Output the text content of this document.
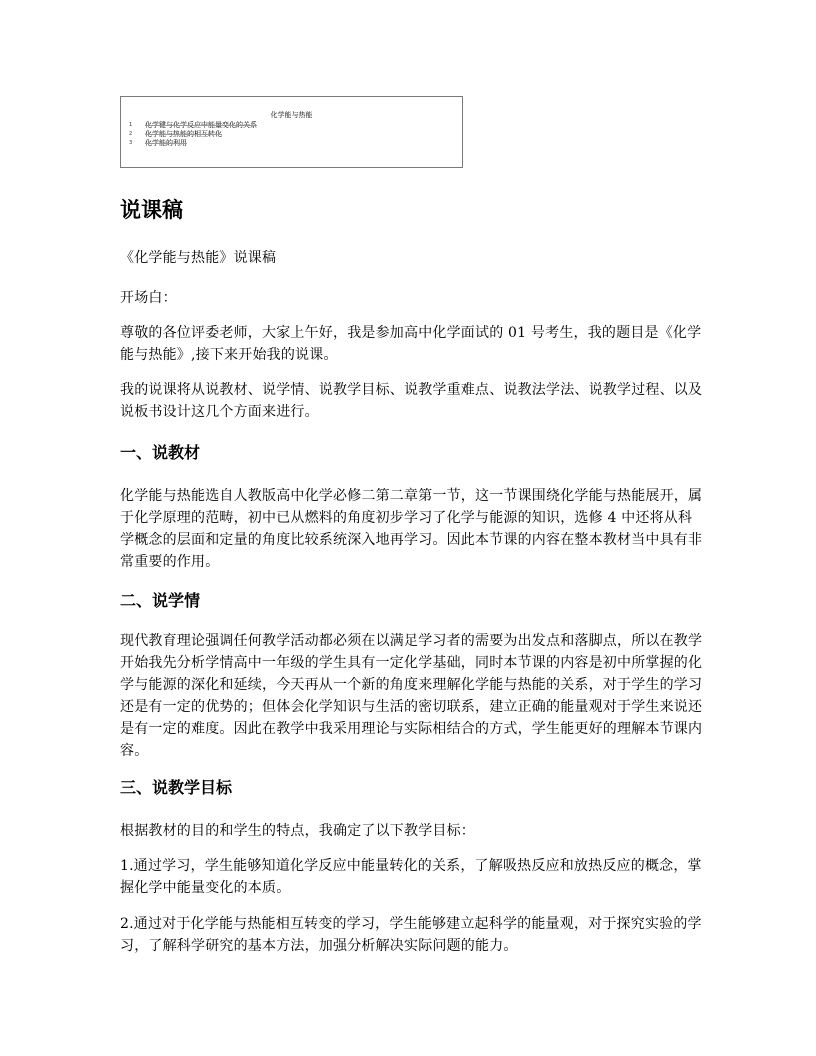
化学能与热能
1	化学键与化学反应中能量变化的关系
2	化学能与热能的相互转化
3	化学能的利用
说课稿

《化学能与热能》说课稿

开场白：

尊敬的各位评委老师，大家上午好，我是参加高中化学面试的 01 号考生，我的题目是《化学能与热能》,接下来开始我的说课。

我的说课将从说教材、说学情、说教学目标、说教学重难点、说教法学法、说教学过程、以及说板书设计这几个方面来进行。

一、说教材

化学能与热能选自人教版高中化学必修二第二章第一节，这一节课围绕化学能与热能展开，属于化学原理的范畴，初中已从燃料的角度初步学习了化学与能源的知识，选修 4 中还将从科学概念的层面和定量的角度比较系统深入地再学习。因此本节课的内容在整本教材当中具有非常重要的作用。

二、说学情

现代教育理论强调任何教学活动都必须在以满足学习者的需要为出发点和落脚点，所以在教学开始我先分析学情高中一年级的学生具有一定化学基础，同时本节课的内容是初中所掌握的化学与能源的深化和延续，今天再从一个新的角度来理解化学能与热能的关系，对于学生的学习还是有一定的优势的；但体会化学知识与生活的密切联系，建立正确的能量观对于学生来说还是有一定的难度。因此在教学中我采用理论与实际相结合的方式，学生能更好的理解本节课内容。

三、说教学目标

根据教材的目的和学生的特点，我确定了以下教学目标：

1.通过学习，学生能够知道化学反应中能量转化的关系，了解吸热反应和放热反应的概念，掌握化学中能量变化的本质。

2.通过对于化学能与热能相互转变的学习，学生能够建立起科学的能量观，对于探究实验的学习，了解科学研究的基本方法，加强分析解决实际问题的能力。
